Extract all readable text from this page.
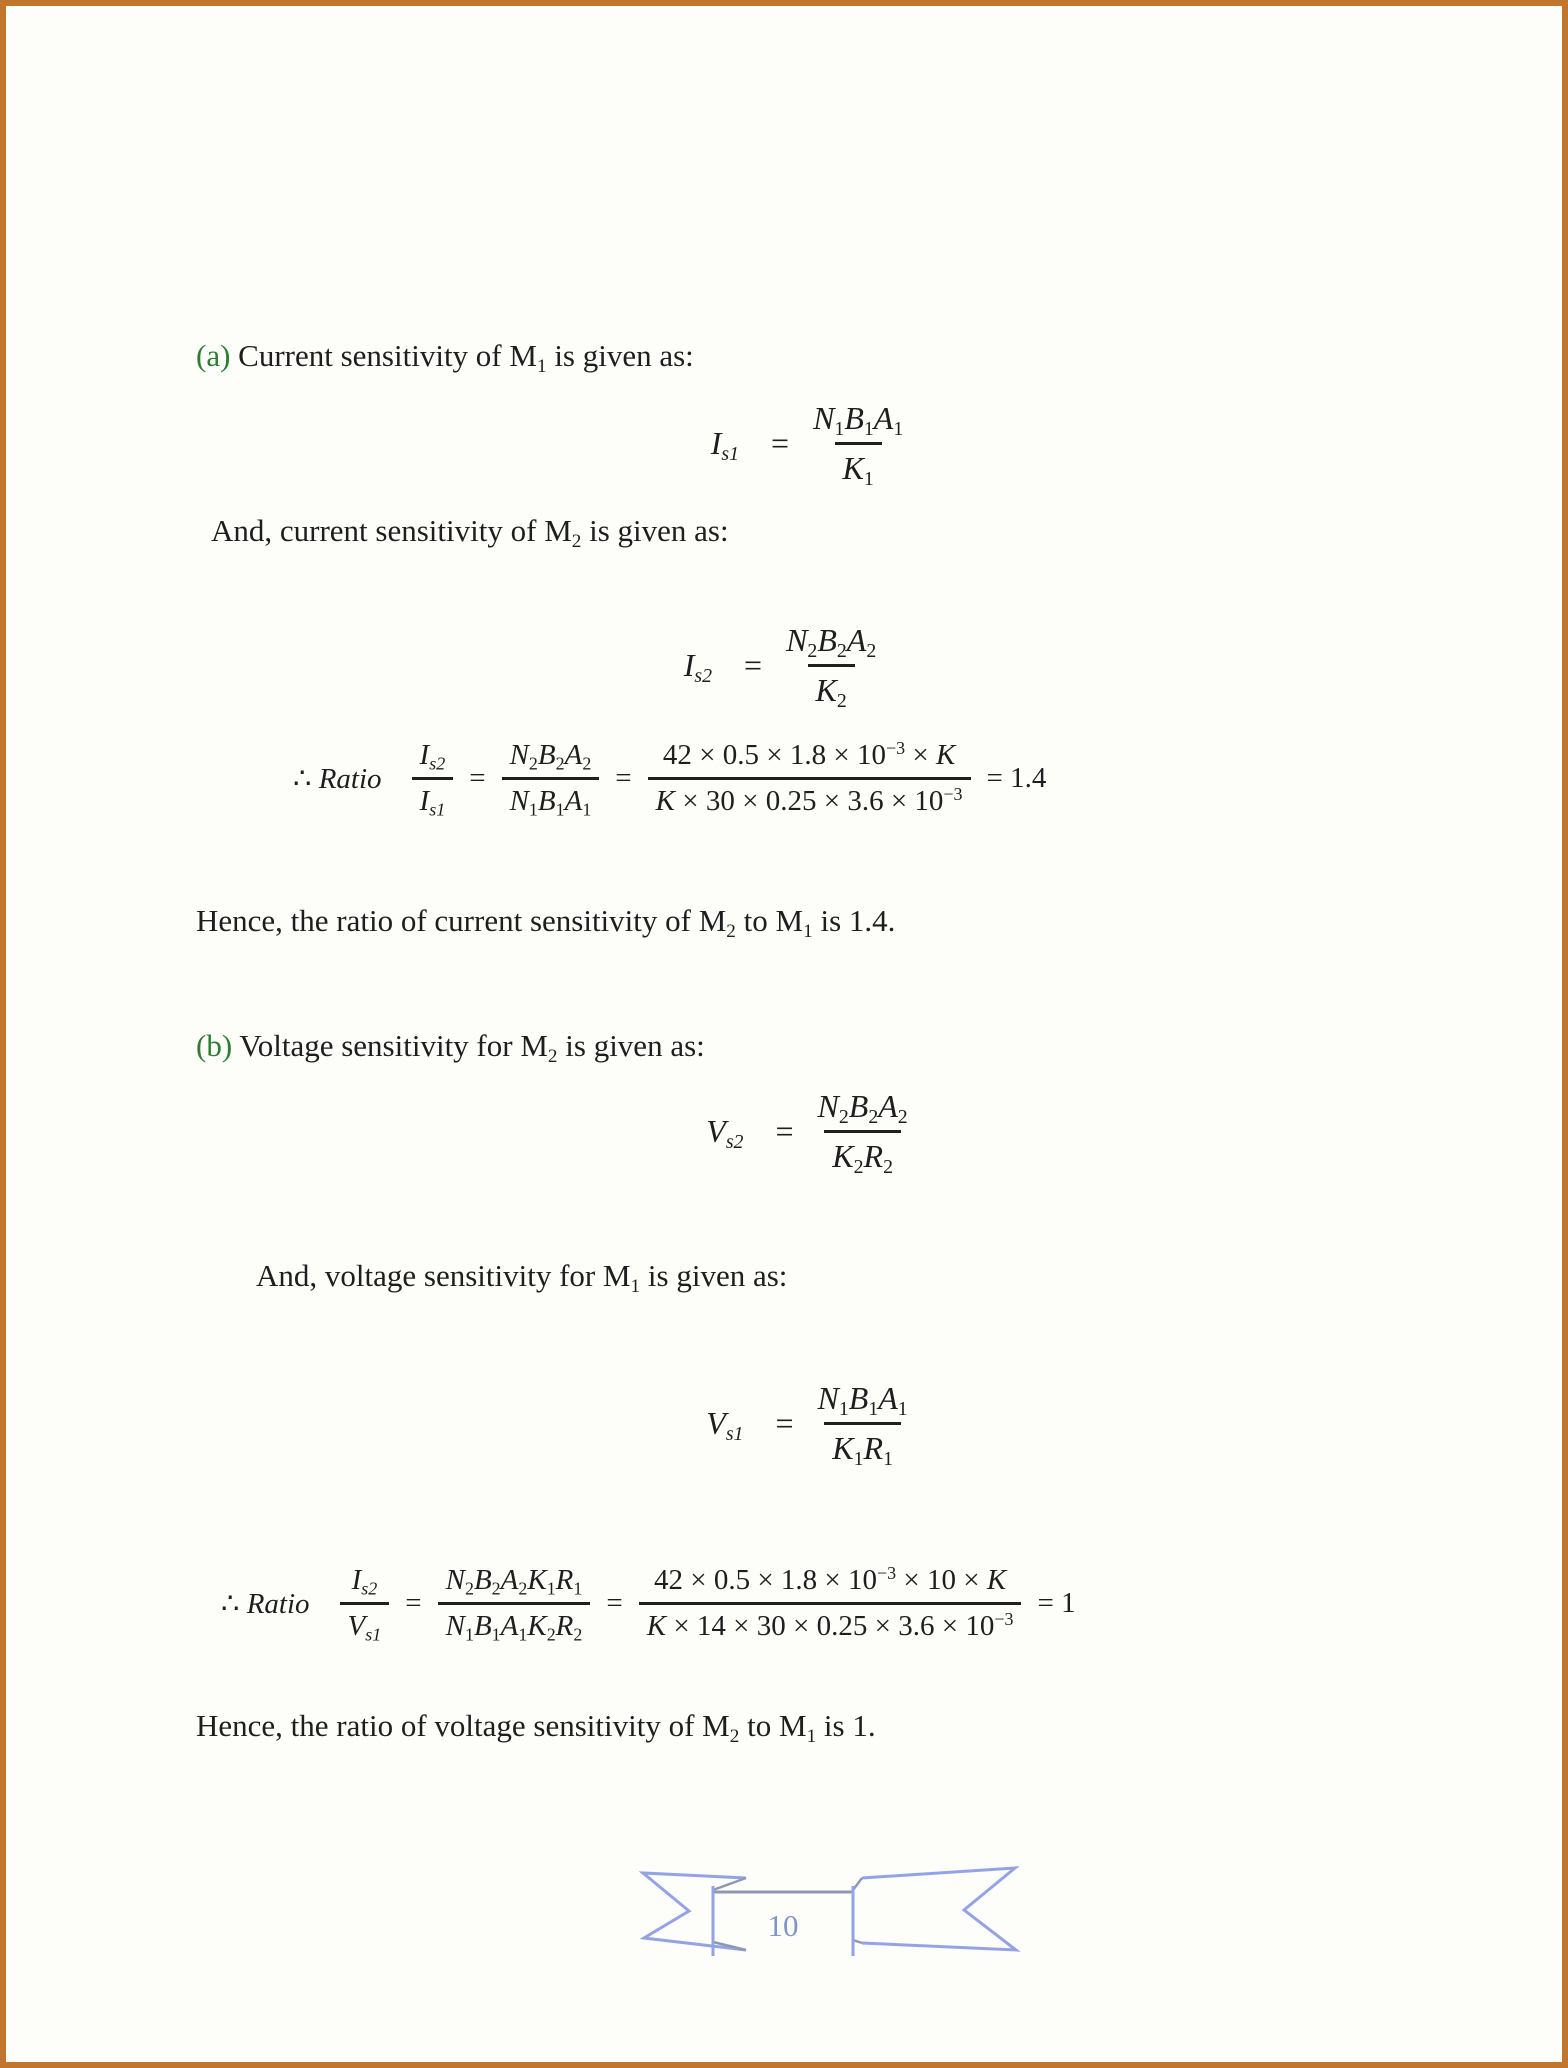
(a) Current sensitivity of $M_1$ is given as:
$I_{s1} = \frac{N_1B_1A_1}{K_1}$
And, current sensitivity of $M_2$ is given as:
$I_{s2} = \frac{N_2B_2A_2}{K_2}$
∴ Ratio $\frac{I_{s2}}{I_{s1}} = \frac{N_2B_2A_2}{N_1B_1A_1} = \frac{42 \times 0.5 \times 1.8 \times 10^{-3} \times K}{K \times 30 \times 0.25 \times 3.6 \times 10^{-3}} = 1.4$
Hence, the ratio of current sensitivity of $M_2$ to $M_1$ is 1.4.
(b) Voltage sensitivity for $M_2$ is given as:
$V_{s2} = \frac{N_2B_2A_2}{K_2R_2}$
And, voltage sensitivity for $M_1$ is given as:
$V_{s1} = \frac{N_1B_1A_1}{K_1R_1}$
∴ Ratio $\frac{I_{s2}}{V_{s1}} = \frac{N_2B_2A_2K_1R_1}{N_1B_1A_1K_2R_2} = \frac{42 \times 0.5 \times 1.8 \times 10^{-3} \times 10 \times K}{K \times 14 \times 30 \times 0.25 \times 3.6 \times 10^{-3}} = 1$
Hence, the ratio of voltage sensitivity of $M_2$ to $M_1$ is 1.
10
